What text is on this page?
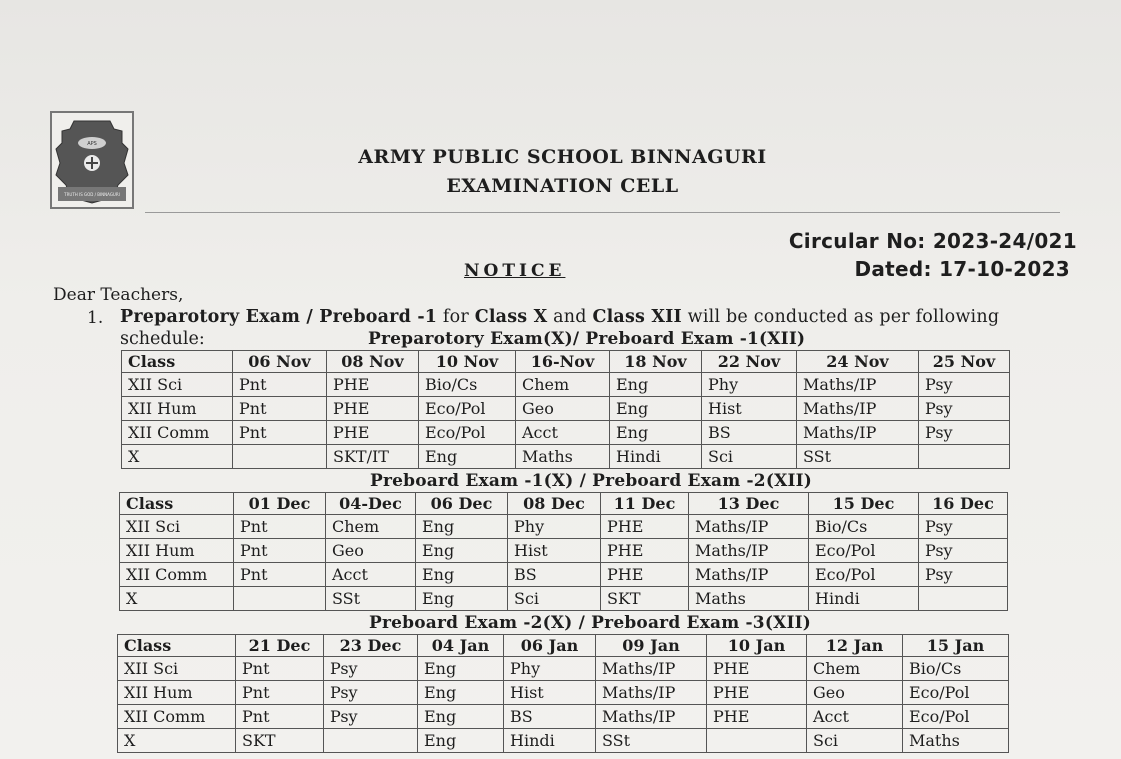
APS
TRUTH IS GOD / BINNAGURI
ARMY PUBLIC SCHOOL BINNAGURI
EXAMINATION CELL
Circular No: 2023-24/021
NOTICE	Dated: 17-10-2023
Dear Teachers,
1. Preparotory Exam / Preboard -1 for Class X and Class XII will be conducted as per following
schedule:	Preparotory Exam(X)/ Preboard Exam -1(XII)
Class	06 Nov	08 Nov	10 Nov	16-Nov	18 Nov	22 Nov	24 Nov	25 Nov
XII Sci	Pnt	PHE	Bio/Cs	Chem	Eng	Phy	Maths/IP	Psy
XII Hum	Pnt	PHE	Eco/Pol	Geo	Eng	Hist	Maths/IP	Psy
XII Comm	Pnt	PHE	Eco/Pol	Acct	Eng	BS	Maths/IP	Psy
X		SKT/IT	Eng	Maths	Hindi	Sci	SSt	
Preboard Exam -1(X) / Preboard Exam -2(XII)
Class	01 Dec	04-Dec	06 Dec	08 Dec	11 Dec	13 Dec	15 Dec	16 Dec
XII Sci	Pnt	Chem	Eng	Phy	PHE	Maths/IP	Bio/Cs	Psy
XII Hum	Pnt	Geo	Eng	Hist	PHE	Maths/IP	Eco/Pol	Psy
XII Comm	Pnt	Acct	Eng	BS	PHE	Maths/IP	Eco/Pol	Psy
X		SSt	Eng	Sci	SKT	Maths	Hindi	
Preboard Exam -2(X) / Preboard Exam -3(XII)
Class	21 Dec	23 Dec	04 Jan	06 Jan	09 Jan	10 Jan	12 Jan	15 Jan
XII Sci	Pnt	Psy	Eng	Phy	Maths/IP	PHE	Chem	Bio/Cs
XII Hum	Pnt	Psy	Eng	Hist	Maths/IP	PHE	Geo	Eco/Pol
XII Comm	Pnt	Psy	Eng	BS	Maths/IP	PHE	Acct	Eco/Pol
X	SKT		Eng	Hindi	SSt		Sci	Maths
